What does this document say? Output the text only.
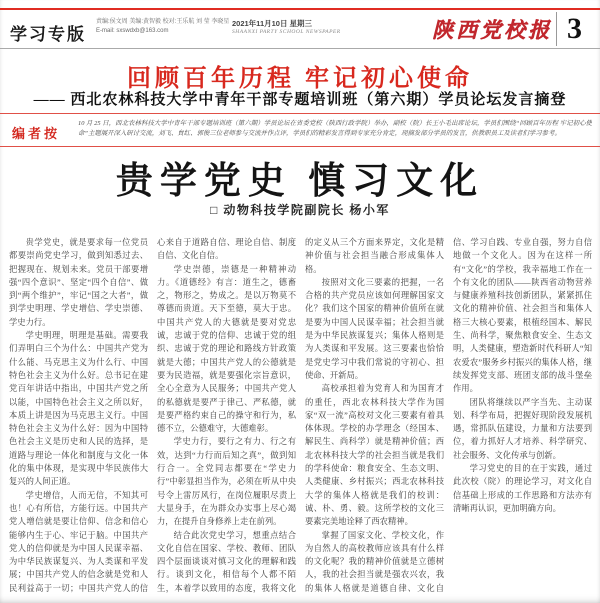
学习专版
责编:侯文周 美编:黄智毅 校对:王乐航 刘 莹 李晓星
E-mail: sxswdxb@163.com
2021年11月10日 星期三
SHAANXI PARTY SCHOOL NEWSPAPER	陕西党校报 3
回顾百年历程 牢记初心使命
—— 西北农林科技大学中青年干部专题培训班（第六期）学员论坛发言摘登
编者按
10 月 25 日，西北农林科技大学中青年干部专题培训班（第六期）学员论坛在省委党校（陕西行政学院）举办，副校（院）长王小毛出席论坛，学员们围绕“回顾百年历程 牢记初心使命”主题展开深入研讨交流，刘飞、貟红、郭俊三位老师参与交流并作点评，学员们的精彩发言得到专家充分肯定，现摘发部分学员的发言，供教职员工及读者们学习参考。
贵学党史 慎习文化
□ 动物科技学院副院长 杨小军

贵学党史，就是要求每一位党员都要崇尚党史学习，做到知悉过去、把握现在、规划未来。党员干部要增强“四个意识”、坚定“四个自信”、做到“两个维护”，牢记“国之大者”，做到学史明理、学史增信、学史崇德、学史力行。

学史明理，明理是基础。需要我们弄明白三个为什么：中国共产党为什么能、马克思主义为什么行、中国特色社会主义为什么好。总书记在建党百年讲话中指出，中国共产党之所以能，中国特色社会主义之所以好，本质上讲是因为马克思主义行。中国特色社会主义为什么好：因为中国特色社会主义是历史和人民的选择，是道路与理论一体化和制度与文化一体化的集中体现，是实现中华民族伟大复兴的人间正道。

学史增信，人而无信，不知其可也！心有所信，方能行远。中国共产党人增信就是要让信仰、信念和信心能够内生于心、牢记于脑。中国共产党人的信仰就是为中国人民谋幸福、为中华民族谋复兴、为人类谋和平发展；中国共产党人的信念就是党和人民利益高于一切；中国共产党人的信心来自于道路自信、理论自信、制度自信、文化自信。

学史崇德，崇德是一种精神动力。《道德经》有言：道生之，德畜之，物形之，势成之。是以万物莫不尊德而贵道。天下至德，莫大于忠。中国共产党人的大德就是要对党忠诚，忠诚于党的信仰、忠诚于党的组织、忠诚于党的理论和路线方针政策就是大德；中国共产党人的公德就是要为民造福，就是要强化宗旨意识，全心全意为人民服务；中国共产党人的私德就是要严于律己、严私德，就是要严格约束自己的操守和行为，私德不立，公德难守，大德难彰。

学史力行，要行之有力、行之有效，达到“力行而后知之真”，做到知行合一。全党同志都要在“学史力行”中彰显担当作为，必须在听从中央号令上雷厉风行，在岗位履职尽责上大显身手，在为群众办实事上尽心竭力，在提升自身修养上走在前列。

结合此次党史学习，想重点结合文化自信在国家、学校、教师、团队四个层面谈谈对慎习文化的理解和践行。谈到文化，相信每个人都不陌生，本着学以致用的态度，我将文化的定义从三个方面来界定，文化是精神价值与社会担当融合形成集体人格。

按照对文化三要素的把握，一名合格的共产党员应该如何理解国家文化？我们这个国家的精神价值所在就是要为中国人民谋幸福；社会担当就是为中华民族谋复兴；集体人格则是为人类谋和平发展。这三要素也恰恰是党史学习中我们常说的守初心、担使命、开新局。

高校承担着为党育人和为国育才的重任，西北农林科技大学作为国家“双一流”高校对文化三要素有着具体体现。学校的办学理念（经国本、解民生、尚科学）就是精神价值；西北农林科技大学的社会担当就是我们的学科使命：粮食安全、生态文明、人类健康、乡村振兴；西北农林科技大学的集体人格就是我们的校训：诚、朴、勇、毅。这所学校的文化三要素完美地诠释了西农精神。

掌握了国家文化、学校文化，作为自然人的高校教师应该具有什么样的文化呢？我的精神价值就是立德树人，我的社会担当就是强农兴农，我的集体人格就是道德自律、文化自信、学习自践、专业自强，努力自信地做一个文化人。因为在这样一所有“文化”的学校，我幸福地工作在一个有文化的团队——陕西省动物营养与健康养殖科技创新团队，紧紧抓住文化的精神价值、社会担当和集体人格三大核心要素，根植经国本、解民生、尚科学，聚焦粮食安全、生态文明，人类健康，塑造新时代科研人“知农爱农”服务乡村振兴的集体人格，继续发挥党支部、班团支部的战斗堡垒作用。

团队将继续以严字当先、主动谋划、科学布局，把握好现阶段发展机遇，常抓队伍建设，力量和方法要到位，着力抓好人才培养、科学研究、社会服务、文化传承与创新。

学习党史的目的在于实践，通过此次校（院）的理论学习，对文化自信基础上形成的工作思路和方法亦有清晰再认识，更加明确方向。
